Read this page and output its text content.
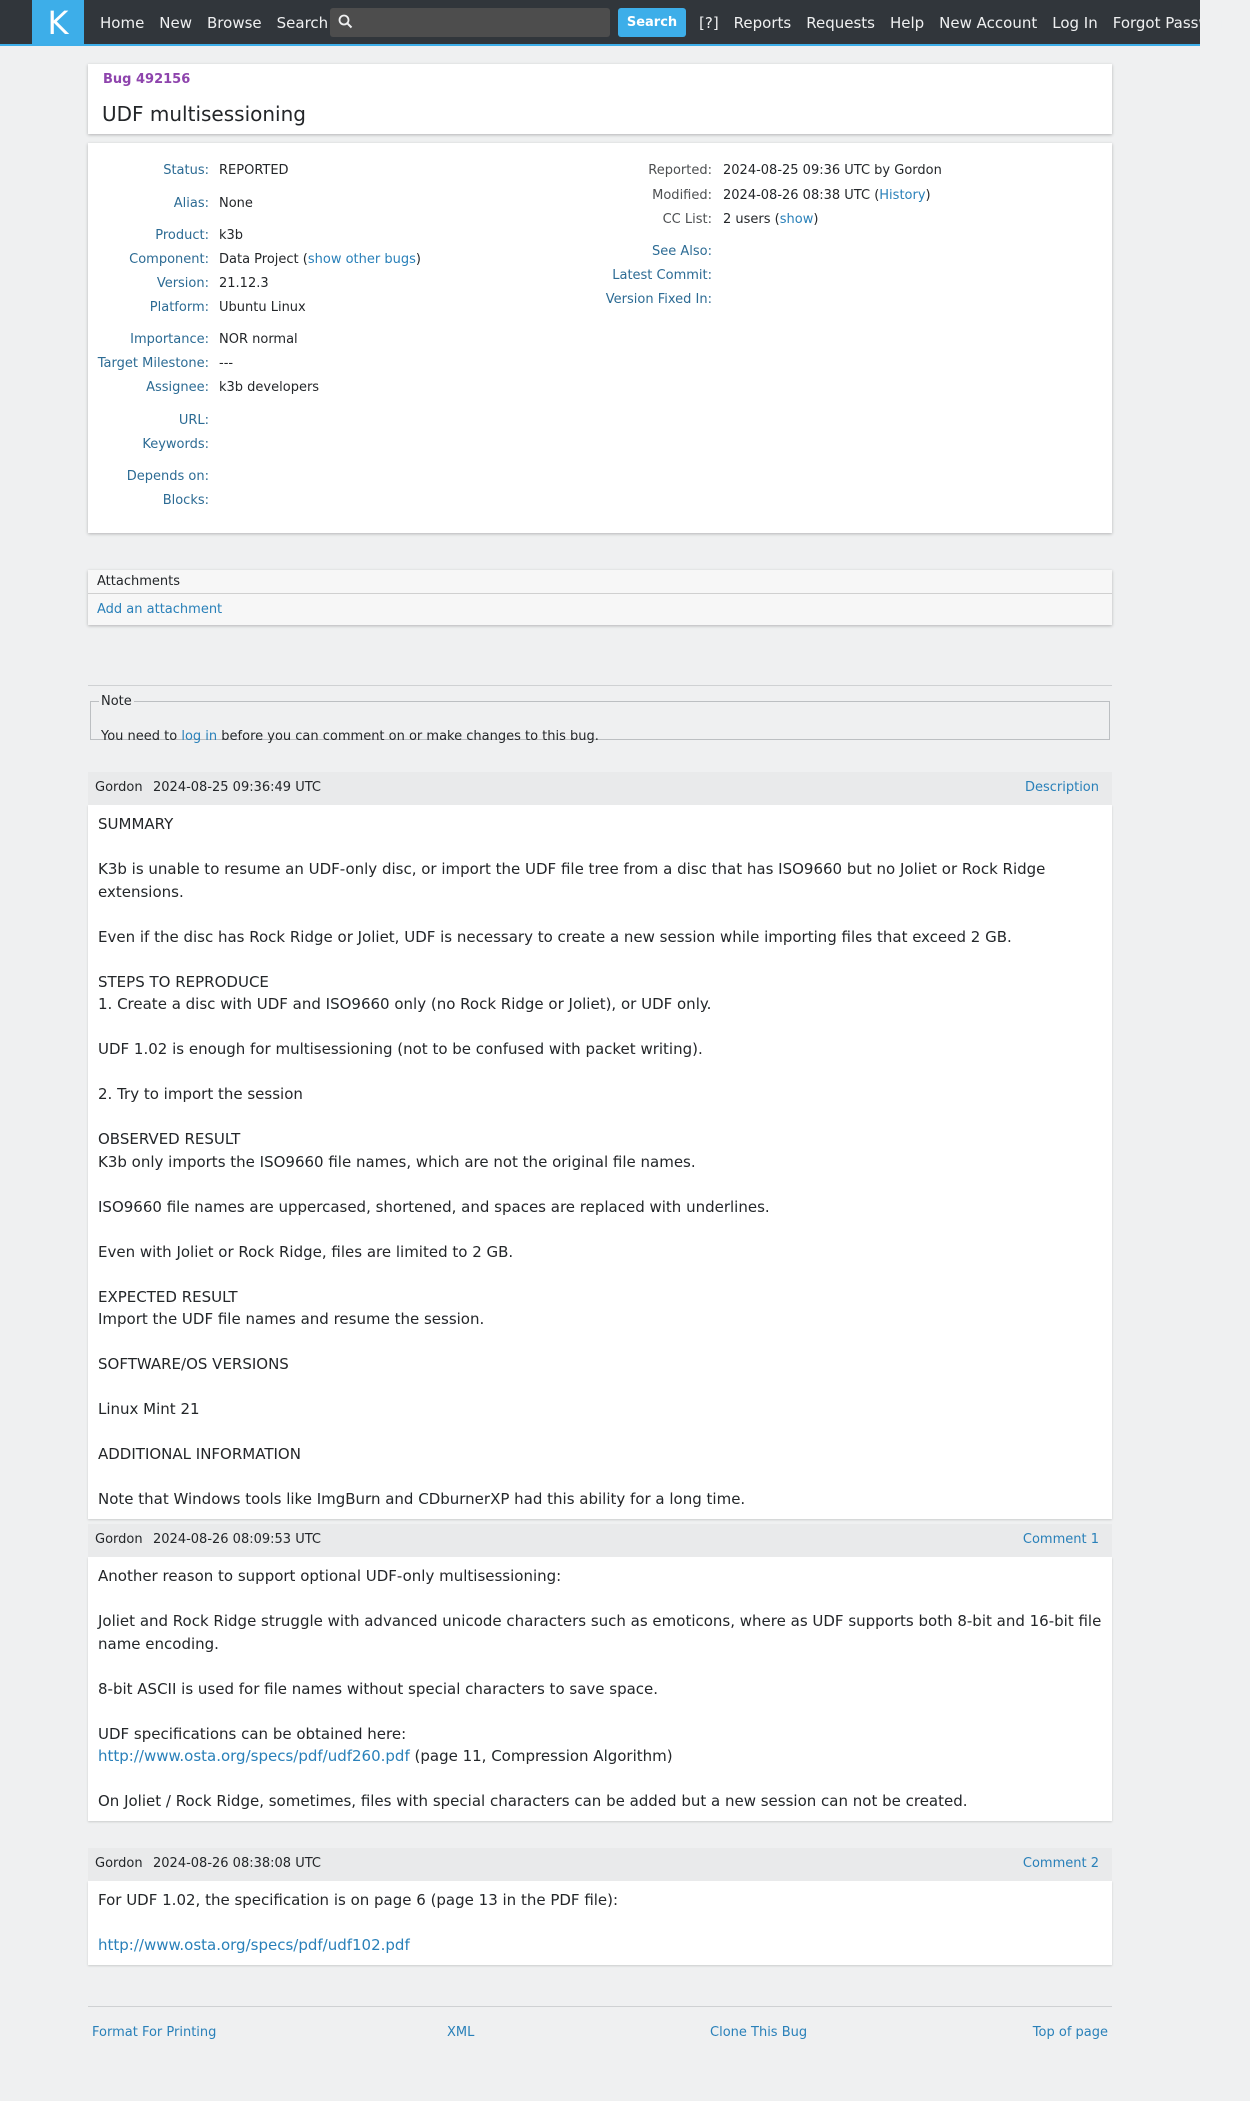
K Home New Browse Search	Search	[?] Reports Requests Help New Account Log In Forgot Password
Bug 492156
UDF multisessioning
Status: REPORTED
Alias: None
Product: k3b
Component: Data Project (show other bugs)
Version: 21.12.3
Platform: Ubuntu Linux
Importance: NOR normal
Target Milestone: ---
Assignee: k3b developers
URL:
Keywords:
Depends on:
Blocks:
Reported: 2024-08-25 09:36 UTC by Gordon
Modified: 2024-08-26 08:38 UTC (History)
CC List: 2 users (show)
See Also:
Latest Commit:
Version Fixed In:
Attachments
Add an attachment
Note
You need to log in before you can comment on or make changes to this bug.
Gordon 2024-08-25 09:36:49 UTC	Description

SUMMARY

K3b is unable to resume an UDF-only disc, or import the UDF file tree from a disc that has ISO9660 but no Joliet or Rock Ridge extensions.

Even if the disc has Rock Ridge or Joliet, UDF is necessary to create a new session while importing files that exceed 2 GB.

STEPS TO REPRODUCE

1. Create a disc with UDF and ISO9660 only (no Rock Ridge or Joliet), or UDF only.

UDF 1.02 is enough for multisessioning (not to be confused with packet writing).

2. Try to import the session

OBSERVED RESULT

K3b only imports the ISO9660 file names, which are not the original file names.

ISO9660 file names are uppercased, shortened, and spaces are replaced with underlines.

Even with Joliet or Rock Ridge, files are limited to 2 GB.

EXPECTED RESULT

Import the UDF file names and resume the session.

SOFTWARE/OS VERSIONS

Linux Mint 21

ADDITIONAL INFORMATION

Note that Windows tools like ImgBurn and CDburnerXP had this ability for a long time.

Gordon 2024-08-26 08:09:53 UTC	Comment 1

Another reason to support optional UDF-only multisessioning:

Joliet and Rock Ridge struggle with advanced unicode characters such as emoticons, where as UDF supports both 8-bit and 16-bit file name encoding.

8-bit ASCII is used for file names without special characters to save space.

UDF specifications can be obtained here:

http://www.osta.org/specs/pdf/udf260.pdf (page 11, Compression Algorithm)

On Joliet / Rock Ridge, sometimes, files with special characters can be added but a new session can not be created.

Gordon 2024-08-26 08:38:08 UTC	Comment 2

For UDF 1.02, the specification is on page 6 (page 13 in the PDF file):

http://www.osta.org/specs/pdf/udf102.pdf

Format For Printing	XML	Clone This Bug	Top of page
